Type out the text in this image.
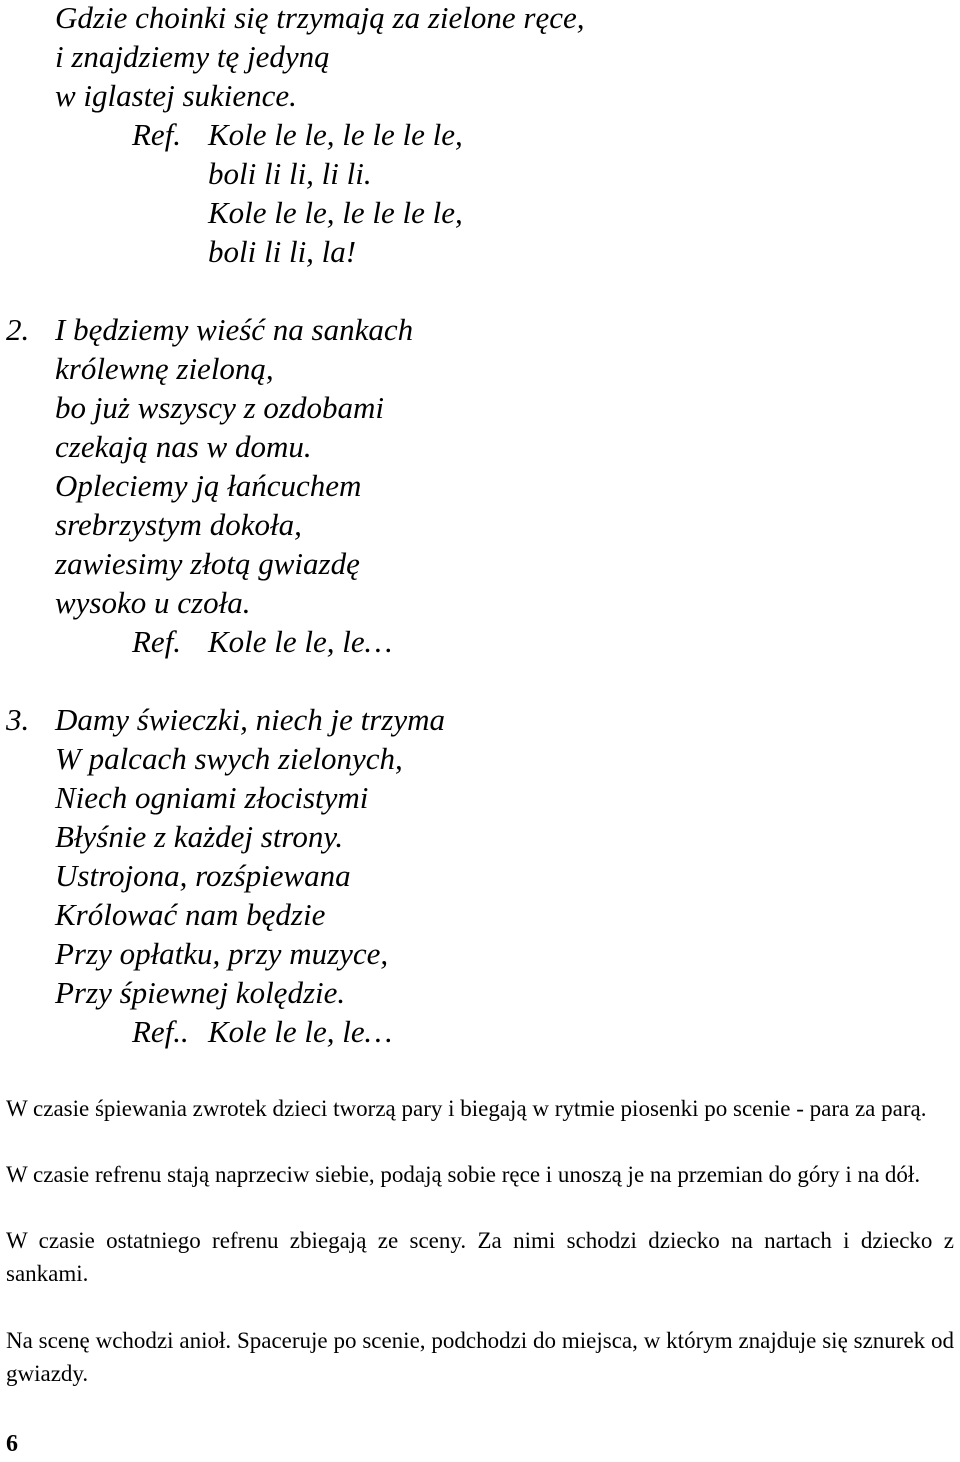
Gdzie choinki się trzymają za zielone ręce,
i znajdziemy tę jedyną
w iglastej sukience.
Ref. Kole le le, le le le le,
boli li li, li li.
Kole le le, le le le le,
boli li li, la!
2. I będziemy wieść na sankach
królewnę zieloną,
bo już wszyscy z ozdobami
czekają nas w domu.
Opleciemy ją łańcuchem
srebrzystym dokoła,
zawiesimy złotą gwiazdę
wysoko u czoła.
Ref. Kole le le, le…
3. Damy świeczki, niech je trzyma
W palcach swych zielonych,
Niech ogniami złocistymi
Błyśnie z każdej strony.
Ustrojona, rozśpiewana
Królować nam będzie
Przy opłatku, przy muzyce,
Przy śpiewnej kolędzie.
Ref.. Kole le le, le…

W czasie śpiewania zwrotek dzieci tworzą pary i biegają w rytmie piosenki po scenie - para za parą.

W czasie refrenu stają naprzeciw siebie, podają sobie ręce i unoszą je na przemian do góry i na dół.

W czasie ostatniego refrenu zbiegają ze sceny. Za nimi schodzi dziecko na nartach i dziecko z sankami.

Na scenę wchodzi anioł. Spaceruje po scenie, podchodzi do miejsca, w którym znajduje się sznurek od gwiazdy.

6
